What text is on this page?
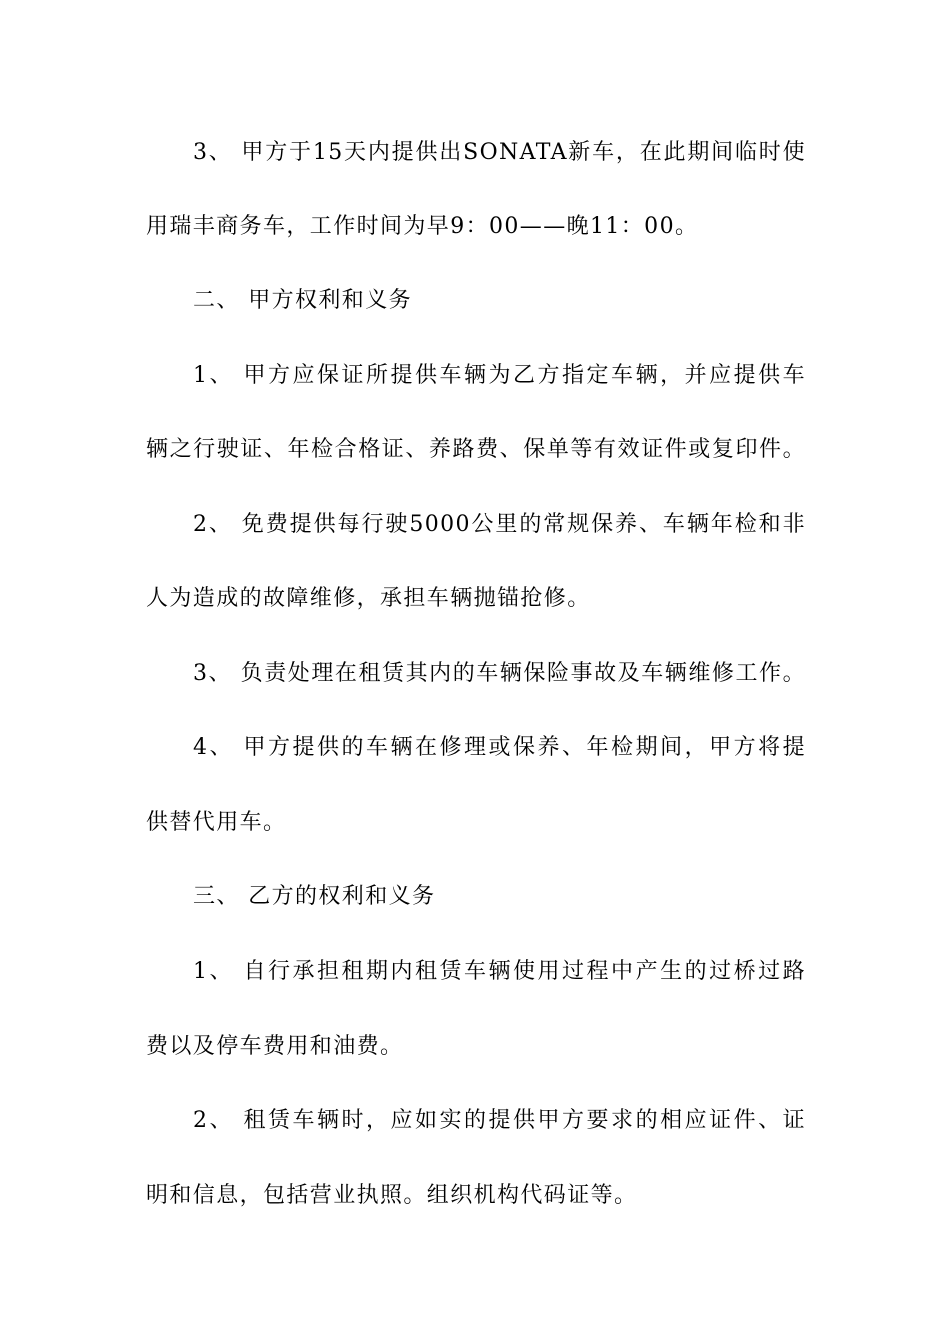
3、 甲方于15天内提供出SONATA新车，在此期间临时使
用瑞丰商务车，工作时间为早9：00——晚11：00。
二、 甲方权利和义务
1、 甲方应保证所提供车辆为乙方指定车辆，并应提供车
辆之行驶证、年检合格证、养路费、保单等有效证件或复印件。
2、 免费提供每行驶5000公里的常规保养、车辆年检和非
人为造成的故障维修，承担车辆抛锚抢修。
3、 负责处理在租赁其内的车辆保险事故及车辆维修工作。
4、 甲方提供的车辆在修理或保养、年检期间，甲方将提
供替代用车。
三、 乙方的权利和义务
1、 自行承担租期内租赁车辆使用过程中产生的过桥过路
费以及停车费用和油费。
2、 租赁车辆时，应如实的提供甲方要求的相应证件、证
明和信息，包括营业执照。组织机构代码证等。
